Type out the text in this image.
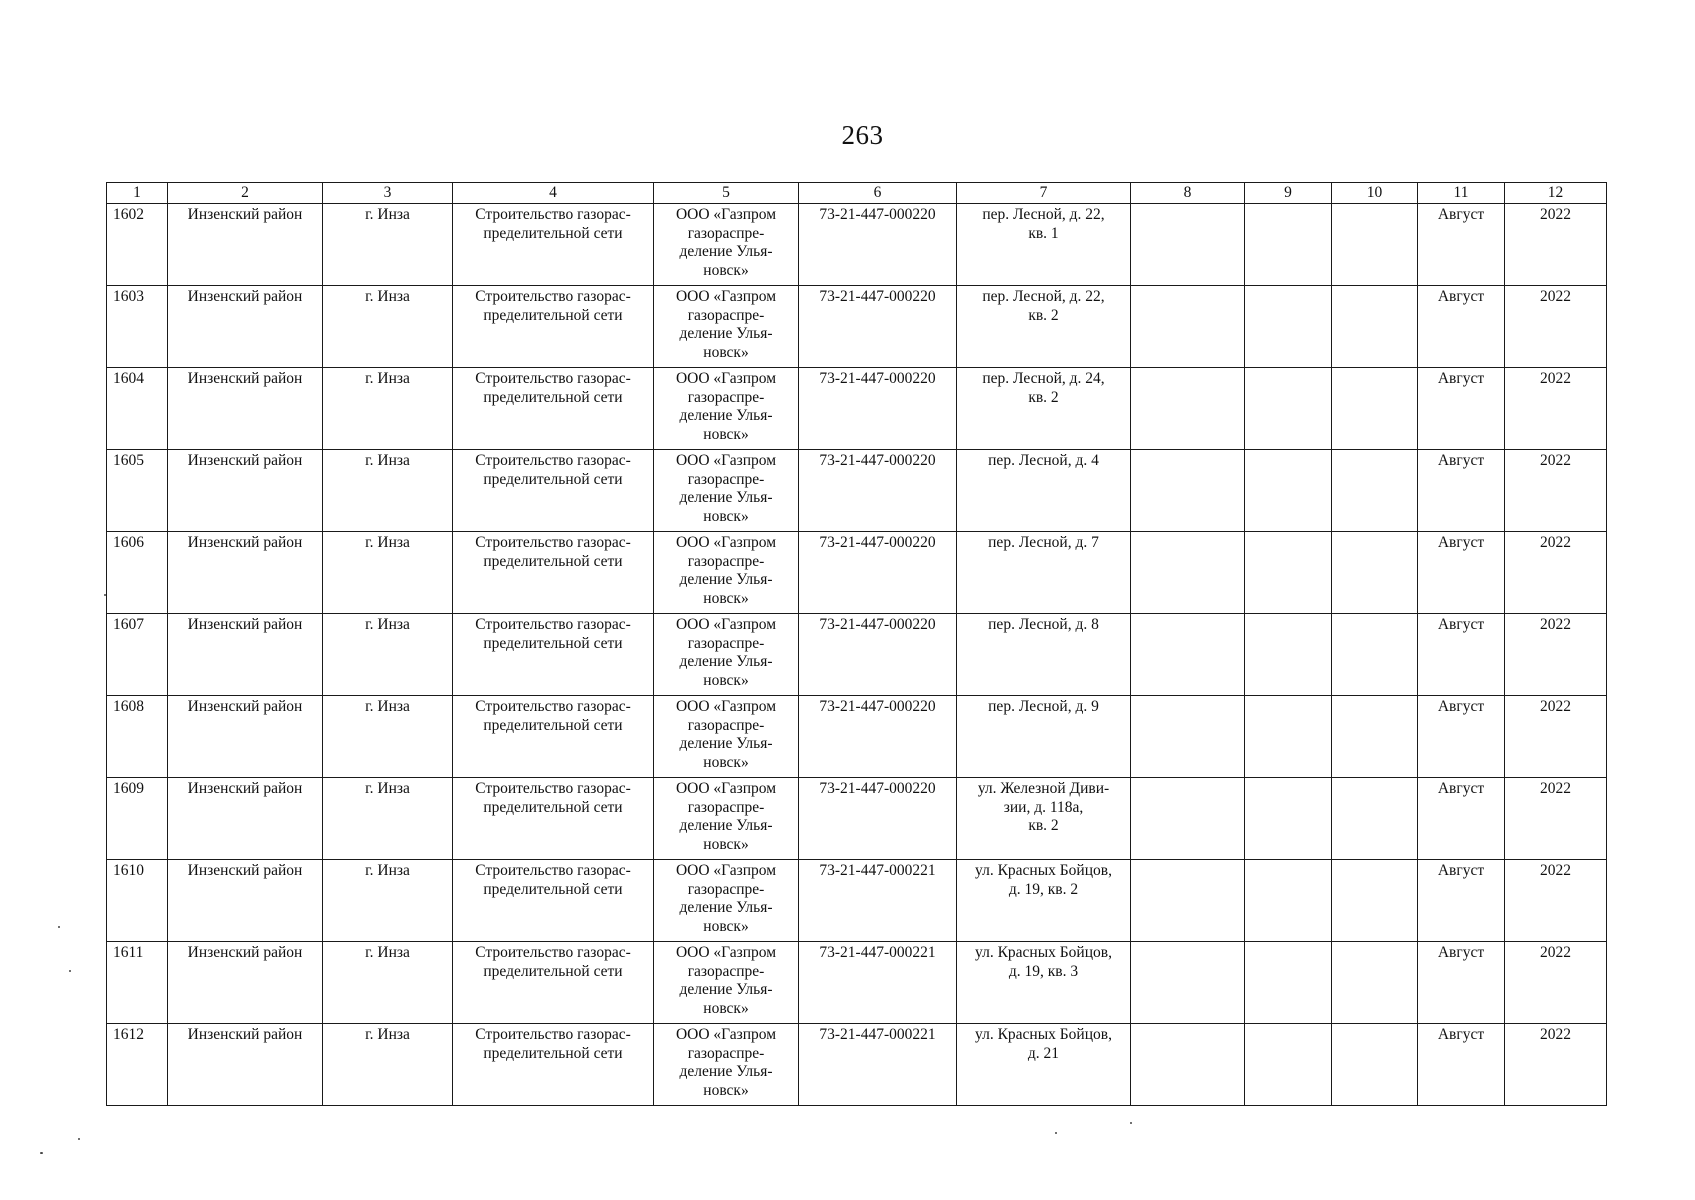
263
1	2	3	4	5	6	7	8	9	10	11	12
1602	Инзенский район	г. Инза	Строительство газорас-
пределительной сети	ООО «Газпром
газораспре-
деление Улья-
новск»	73-21-447-000220	пер. Лесной, д. 22,
кв. 1				Август	2022
1603	Инзенский район	г. Инза	Строительство газорас-
пределительной сети	ООО «Газпром
газораспре-
деление Улья-
новск»	73-21-447-000220	пер. Лесной, д. 22,
кв. 2				Август	2022
1604	Инзенский район	г. Инза	Строительство газорас-
пределительной сети	ООО «Газпром
газораспре-
деление Улья-
новск»	73-21-447-000220	пер. Лесной, д. 24,
кв. 2				Август	2022
1605	Инзенский район	г. Инза	Строительство газорас-
пределительной сети	ООО «Газпром
газораспре-
деление Улья-
новск»	73-21-447-000220	пер. Лесной, д. 4				Август	2022
1606	Инзенский район	г. Инза	Строительство газорас-
пределительной сети	ООО «Газпром
газораспре-
деление Улья-
новск»	73-21-447-000220	пер. Лесной, д. 7				Август	2022
1607	Инзенский район	г. Инза	Строительство газорас-
пределительной сети	ООО «Газпром
газораспре-
деление Улья-
новск»	73-21-447-000220	пер. Лесной, д. 8				Август	2022
1608	Инзенский район	г. Инза	Строительство газорас-
пределительной сети	ООО «Газпром
газораспре-
деление Улья-
новск»	73-21-447-000220	пер. Лесной, д. 9				Август	2022
1609	Инзенский район	г. Инза	Строительство газорас-
пределительной сети	ООО «Газпром
газораспре-
деление Улья-
новск»	73-21-447-000220	ул. Железной Диви-
зии, д. 118а,
кв. 2				Август	2022
1610	Инзенский район	г. Инза	Строительство газорас-
пределительной сети	ООО «Газпром
газораспре-
деление Улья-
новск»	73-21-447-000221	ул. Красных Бойцов,
д. 19, кв. 2				Август	2022
1611	Инзенский район	г. Инза	Строительство газорас-
пределительной сети	ООО «Газпром
газораспре-
деление Улья-
новск»	73-21-447-000221	ул. Красных Бойцов,
д. 19, кв. 3				Август	2022
1612	Инзенский район	г. Инза	Строительство газорас-
пределительной сети	ООО «Газпром
газораспре-
деление Улья-
новск»	73-21-447-000221	ул. Красных Бойцов,
д. 21				Август	2022
